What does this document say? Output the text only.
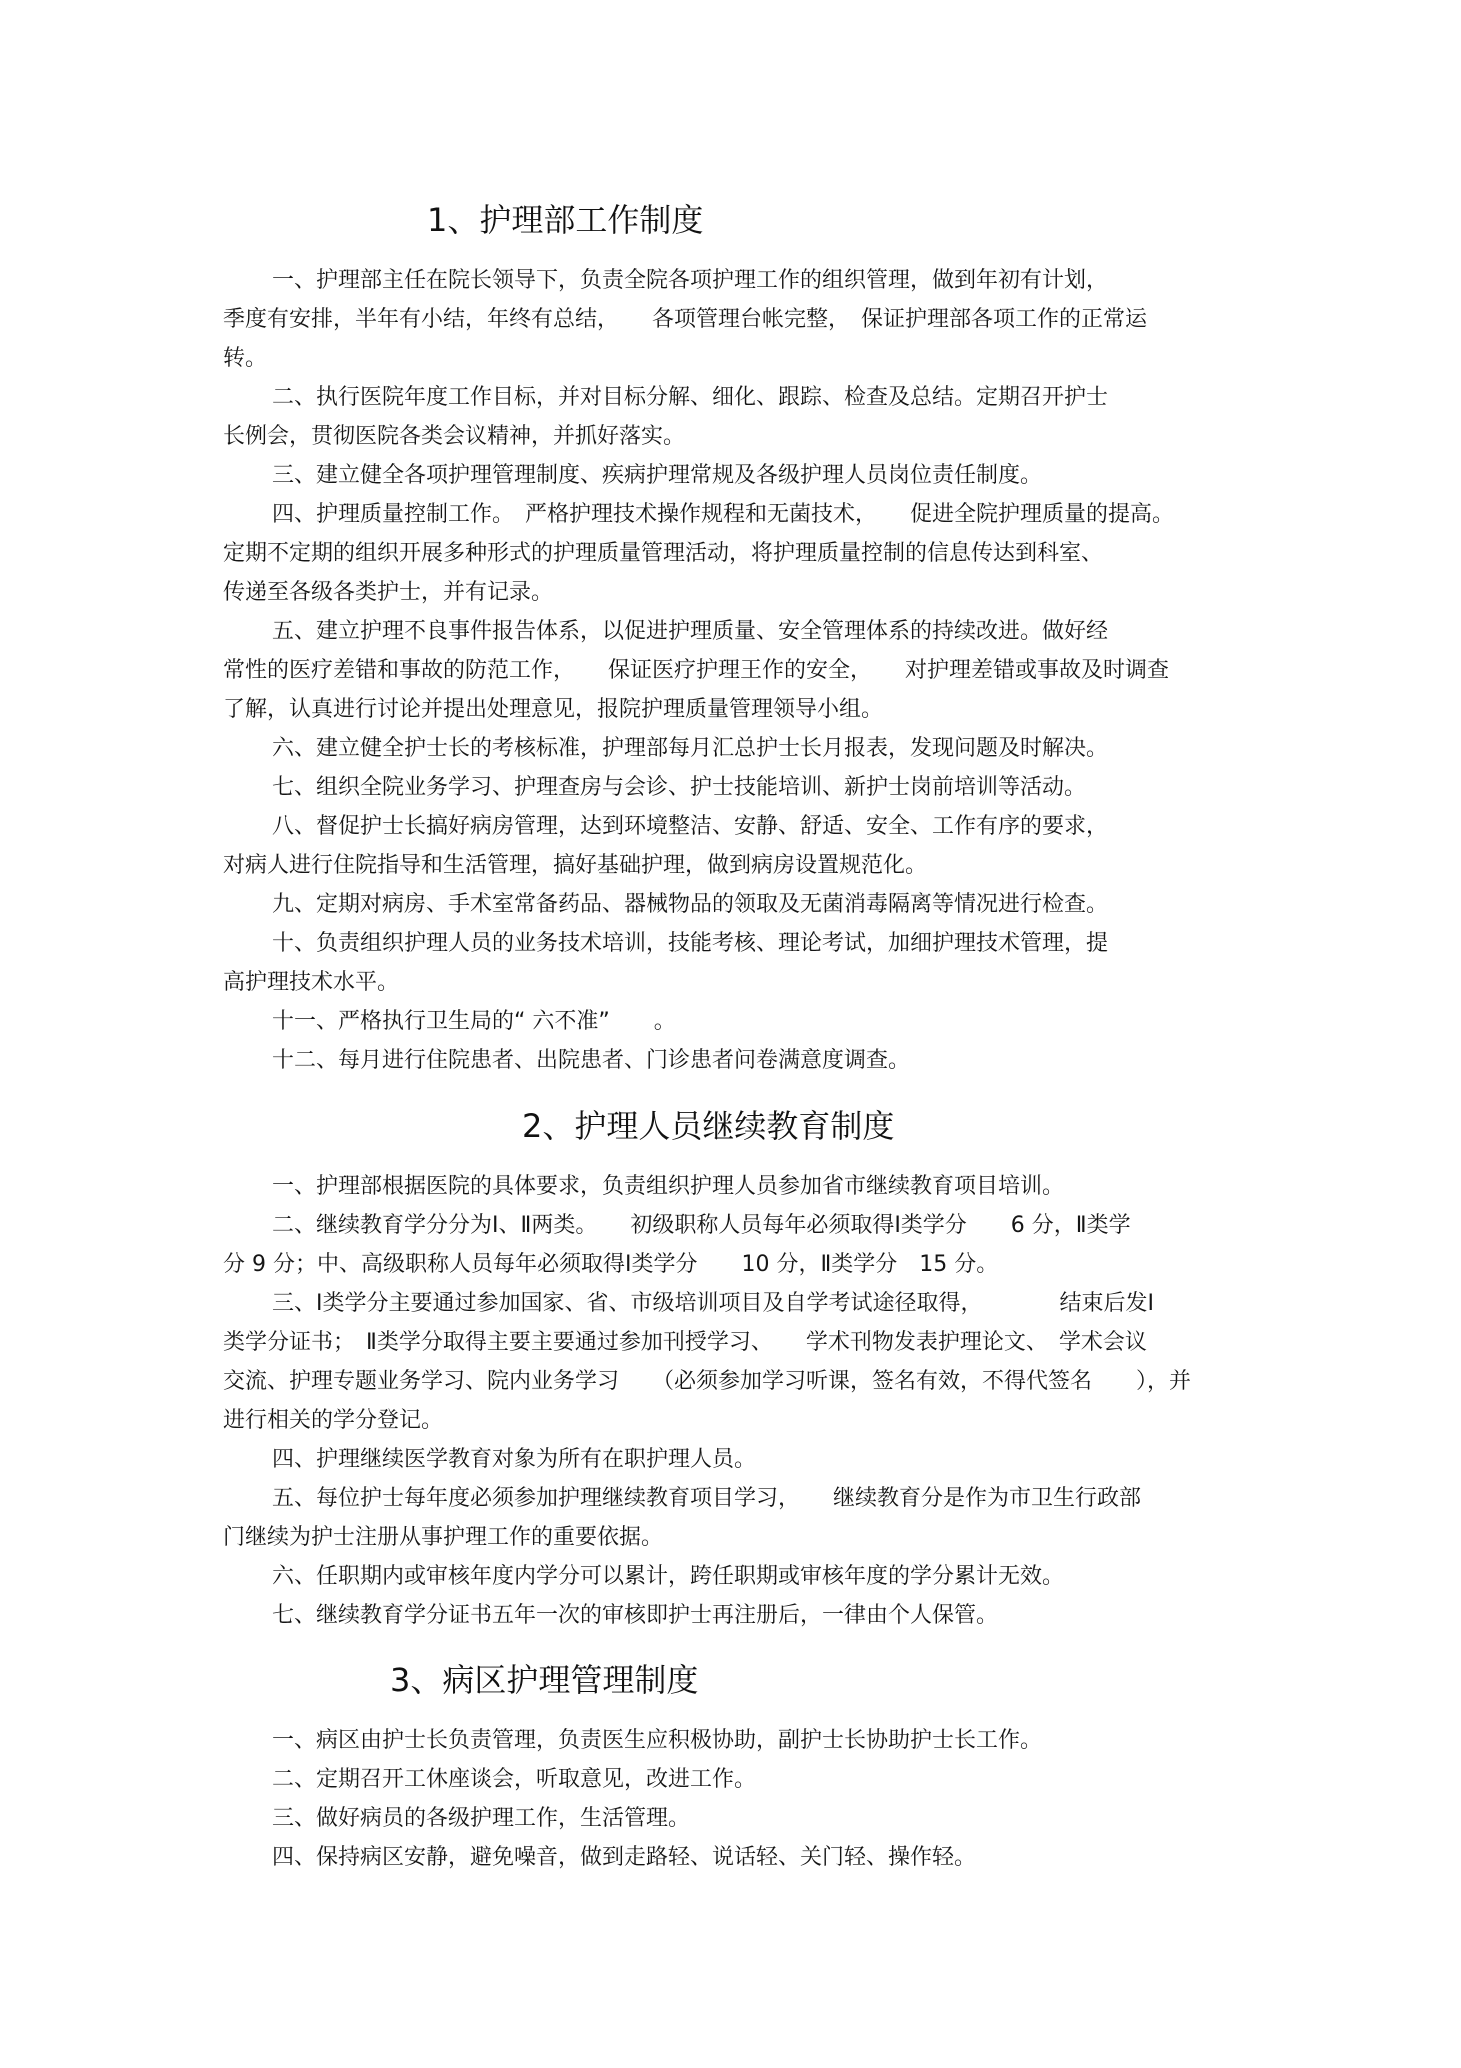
1、护理部工作制度
一、护理部主任在院长领导下，负责全院各项护理工作的组织管理，做到年初有计划，
季度有安排，半年有小结，年终有总结，　　各项管理台帐完整，　保证护理部各项工作的正常运
转。
二、执行医院年度工作目标，并对目标分解、细化、跟踪、检查及总结。定期召开护士
长例会，贯彻医院各类会议精神，并抓好落实。
三、建立健全各项护理管理制度、疾病护理常规及各级护理人员岗位责任制度。
四、护理质量控制工作。　严格护理技术操作规程和无菌技术，　　促进全院护理质量的提高。
定期不定期的组织开展多种形式的护理质量管理活动，将护理质量控制的信息传达到科室、
传递至各级各类护士，并有记录。
五、建立护理不良事件报告体系，以促进护理质量、安全管理体系的持续改进。做好经
常性的医疗差错和事故的防范工作，　　保证医疗护理王作的安全，　　对护理差错或事故及时调查
了解，认真进行讨论并提出处理意见，报院护理质量管理领导小组。
六、建立健全护士长的考核标准，护理部每月汇总护士长月报表，发现问题及时解决。
七、组织全院业务学习、护理查房与会诊、护士技能培训、新护士岗前培训等活动。
八、督促护士长搞好病房管理，达到环境整洁、安静、舒适、安全、工作有序的要求，
对病人进行住院指导和生活管理，搞好基础护理，做到病房设置规范化。
九、定期对病房、手术室常备药品、器械物品的领取及无菌消毒隔离等情况进行检查。
十、负责组织护理人员的业务技术培训，技能考核、理论考试，加细护理技术管理，提
高护理技术水平。
十一、严格执行卫生局的“ 六不准”　　。
十二、每月进行住院患者、出院患者、门诊患者问卷满意度调查。
2、护理人员继续教育制度
一、护理部根据医院的具体要求，负责组织护理人员参加省市继续教育项目培训。
二、继续教育学分分为Ⅰ、Ⅱ两类。　　初级职称人员每年必须取得Ⅰ类学分　　6 分，Ⅱ类学
分 9 分；中、高级职称人员每年必须取得Ⅰ类学分　　10 分，Ⅱ类学分　15 分。
三、Ⅰ类学分主要通过参加国家、省、市级培训项目及自学考试途径取得，　　　　结束后发Ⅰ
类学分证书；　Ⅱ类学分取得主要主要通过参加刊授学习、　　学术刊物发表护理论文、　学术会议
交流、护理专题业务学习、院内业务学习　　（必须参加学习听课，签名有效，不得代签名　　），并
进行相关的学分登记。
四、护理继续医学教育对象为所有在职护理人员。
五、每位护士每年度必须参加护理继续教育项目学习，　　继续教育分是作为市卫生行政部
门继续为护士注册从事护理工作的重要依据。
六、任职期内或审核年度内学分可以累计，跨任职期或审核年度的学分累计无效。
七、继续教育学分证书五年一次的审核即护士再注册后，一律由个人保管。
3、病区护理管理制度
一、病区由护士长负责管理，负责医生应积极协助，副护士长协助护士长工作。
二、定期召开工休座谈会，听取意见，改进工作。
三、做好病员的各级护理工作，生活管理。
四、保持病区安静，避免噪音，做到走路轻、说话轻、关门轻、操作轻。
